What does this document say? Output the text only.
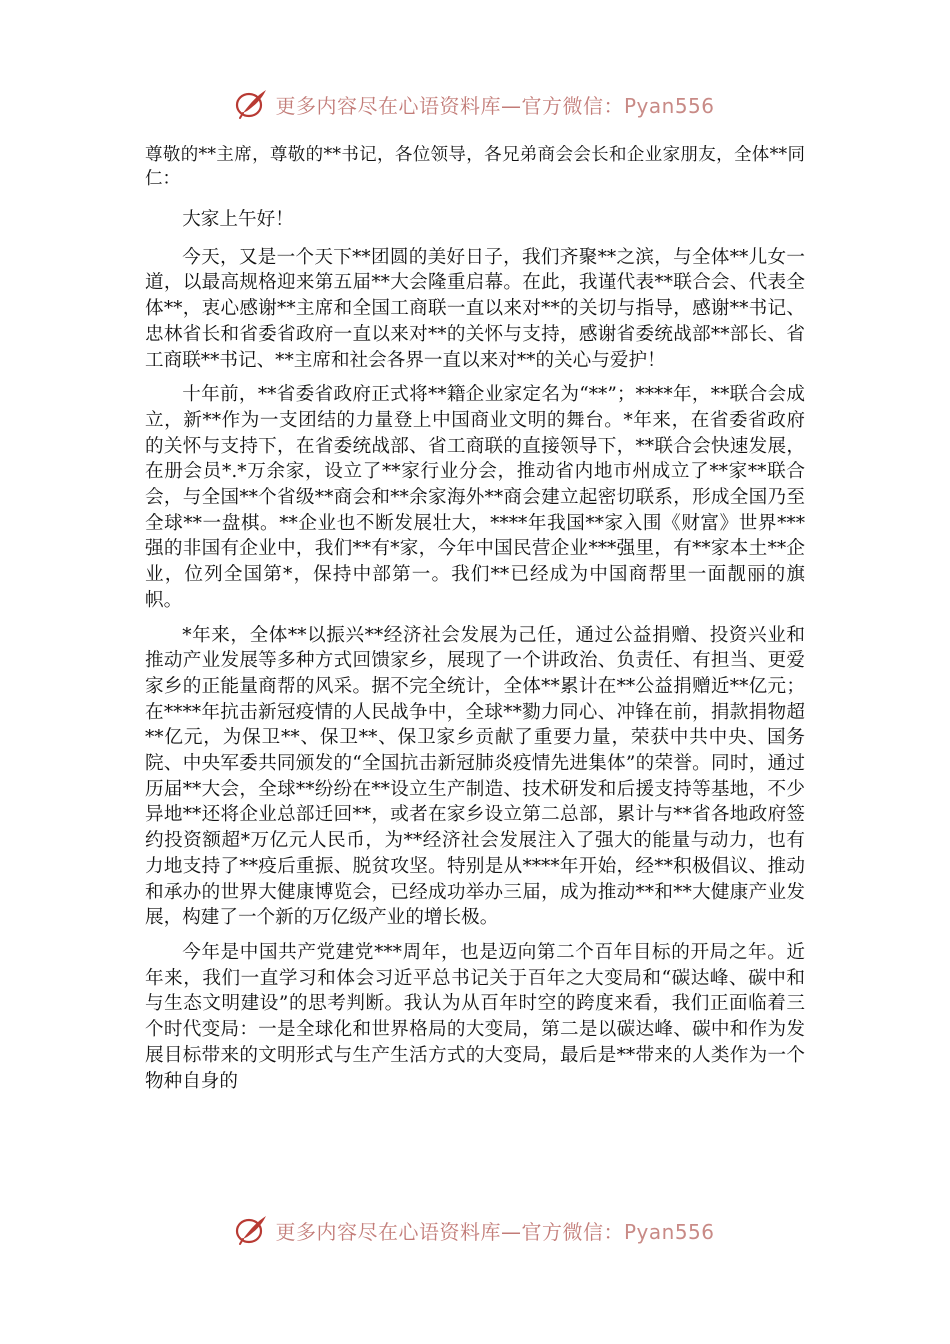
更多内容尽在心语资料库—官方微信：Pyan556
尊敬的**主席，尊敬的**书记，各位领导，各兄弟商会会长和企业家朋友，全体**同仁：

大家上午好！

今天，又是一个天下**团圆的美好日子，我们齐聚**之滨，与全体**儿女一道，以最高规格迎来第五届**大会隆重启幕。在此，我谨代表**联合会、代表全体**，衷心感谢**主席和全国工商联一直以来对**的关切与指导，感谢**书记、忠林省长和省委省政府一直以来对**的关怀与支持，感谢省委统战部**部长、省工商联**书记、**主席和社会各界一直以来对**的关心与爱护！

十年前，**省委省政府正式将**籍企业家定名为“**”；****年，**联合会成立，新**作为一支团结的力量登上中国商业文明的舞台。*年来，在省委省政府的关怀与支持下，在省委统战部、省工商联的直接领导下，**联合会快速发展，在册会员*.*万余家，设立了**家行业分会，推动省内地市州成立了**家**联合会，与全国**个省级**商会和**余家海外**商会建立起密切联系，形成全国乃至全球**一盘棋。**企业也不断发展壮大，****年我国**家入围《财富》世界***强的非国有企业中，我们**有*家，今年中国民营企业***强里，有**家本土**企业，位列全国第*，保持中部第一。我们**已经成为中国商帮里一面靓丽的旗帜。

*年来，全体**以振兴**经济社会发展为己任，通过公益捐赠、投资兴业和推动产业发展等多种方式回馈家乡，展现了一个讲政治、负责任、有担当、更爱家乡的正能量商帮的风采。据不完全统计，全体**累计在**公益捐赠近**亿元；在****年抗击新冠疫情的人民战争中，全球**勠力同心、冲锋在前，捐款捐物超**亿元，为保卫**、保卫**、保卫家乡贡献了重要力量，荣获中共中央、国务院、中央军委共同颁发的“全国抗击新冠肺炎疫情先进集体”的荣誉。同时，通过历届**大会，全球**纷纷在**设立生产制造、技术研发和后援支持等基地，不少异地**还将企业总部迁回**，或者在家乡设立第二总部，累计与**省各地政府签约投资额超*万亿元人民币，为**经济社会发展注入了强大的能量与动力，也有力地支持了**疫后重振、脱贫攻坚。特别是从****年开始，经**积极倡议、推动和承办的世界大健康博览会，已经成功举办三届，成为推动**和**大健康产业发展，构建了一个新的万亿级产业的增长极。

今年是中国共产党建党***周年，也是迈向第二个百年目标的开局之年。近年来，我们一直学习和体会习近平总书记关于百年之大变局和“碳达峰、碳中和与生态文明建设”的思考判断。我认为从百年时空的跨度来看，我们正面临着三个时代变局：一是全球化和世界格局的大变局，第二是以碳达峰、碳中和作为发展目标带来的文明形式与生产生活方式的大变局，最后是**带来的人类作为一个物种自身的

更多内容尽在心语资料库—官方微信：Pyan556
